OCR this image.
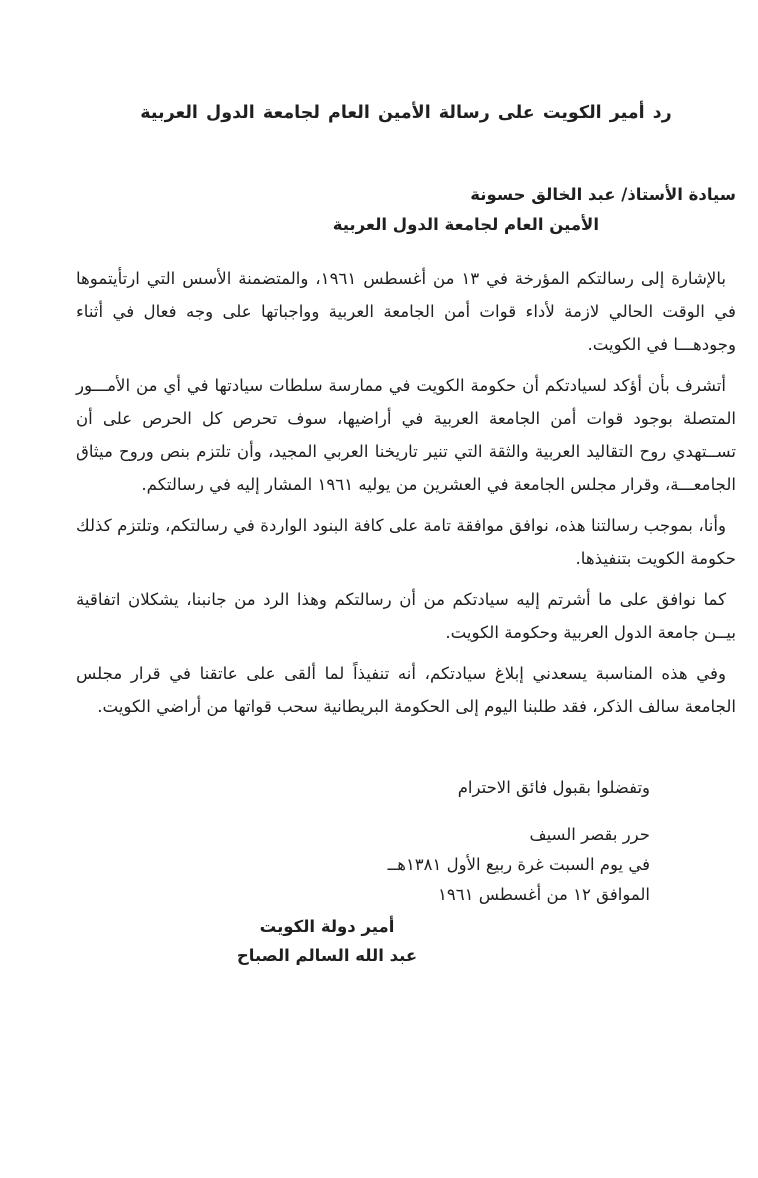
رد أمير الكويت على رسالة الأمين العام لجامعة الدول العربية
سيادة الأستاذ/ عبد الخالق حسونة
الأمين العام لجامعة الدول العربية

بالإشارة إلى رسالتكم المؤرخة في ١٣ من أغسطس ١٩٦١، والمتضمنة الأسس التي ارتأيتموها في الوقت الحالي لازمة لأداء قوات أمن الجامعة العربية وواجباتها على وجه فعال في أثناء وجودهـــا في الكويت.

أتشرف بأن أؤكد لسيادتكم أن حكومة الكويت في ممارسة سلطات سيادتها في أي من الأمـــور المتصلة بوجود قوات أمن الجامعة العربية في أراضيها، سوف تحرص كل الحرص على أن تســتهدي روح التقاليد العربية والثقة التي تنير تاريخنا العربي المجيد، وأن تلتزم بنص وروح ميثاق الجامعـــة، وقرار مجلس الجامعة في العشرين من يوليه ١٩٦١ المشار إليه في رسالتكم.

وأنا، بموجب رسالتنا هذه، نوافق موافقة تامة على كافة البنود الواردة في رسالتكم، وتلتزم كذلك حكومة الكويت بتنفيذها.

كما نوافق على ما أشرتم إليه سيادتكم من أن رسالتكم وهذا الرد من جانبنا، يشكلان اتفاقية بيــن جامعة الدول العربية وحكومة الكويت.

وفي هذه المناسبة يسعدني إبلاغ سيادتكم، أنه تنفيذاً لما ألقى على عاتقنا في قرار مجلس الجامعة سالف الذكر، فقد طلبنا اليوم إلى الحكومة البريطانية سحب قواتها من أراضي الكويت.

وتفضلوا بقبول فائق الاحترام
حرر بقصر السيف
في يوم السبت غرة ربيع الأول ١٣٨١هــ
الموافق ١٢ من أغسطس ١٩٦١
أمير دولة الكويت
عبد الله السالم الصباح
